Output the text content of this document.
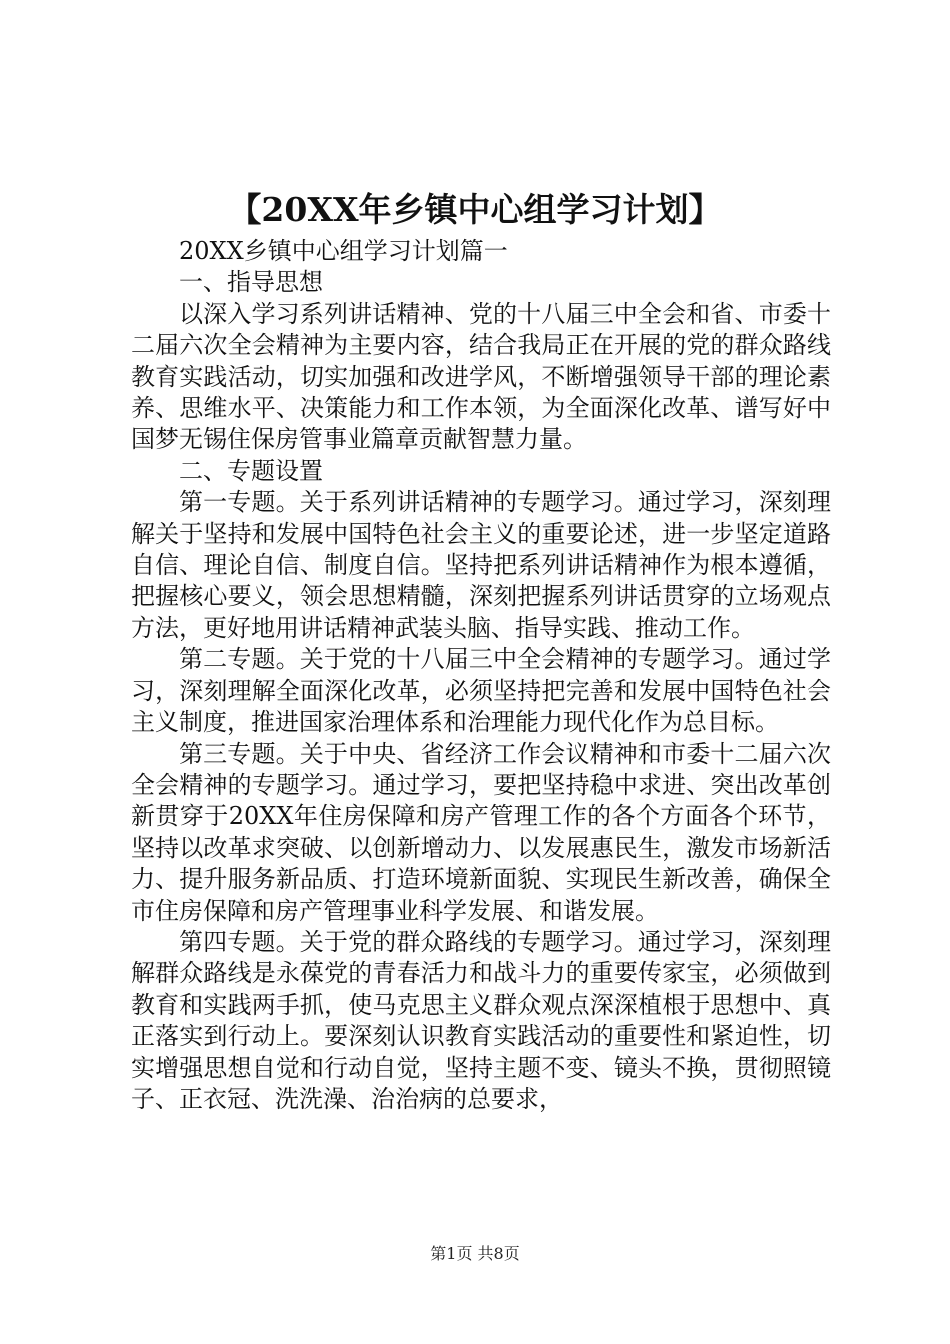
【20XX年乡镇中心组学习计划】

20XX乡镇中心组学习计划篇一

一、指导思想

以深入学习系列讲话精神、党的十八届三中全会和省、市委十二届六次全会精神为主要内容，结合我局正在开展的党的群众路线教育实践活动，切实加强和改进学风，不断增强领导干部的理论素养、思维水平、决策能力和工作本领，为全面深化改革、谱写好中国梦无锡住保房管事业篇章贡献智慧力量。

二、专题设置

第一专题。关于系列讲话精神的专题学习。通过学习，深刻理解关于坚持和发展中国特色社会主义的重要论述，进一步坚定道路自信、理论自信、制度自信。坚持把系列讲话精神作为根本遵循，把握核心要义，领会思想精髓，深刻把握系列讲话贯穿的立场观点方法，更好地用讲话精神武装头脑、指导实践、推动工作。

第二专题。关于党的十八届三中全会精神的专题学习。通过学习，深刻理解全面深化改革，必须坚持把完善和发展中国特色社会主义制度，推进国家治理体系和治理能力现代化作为总目标。

第三专题。关于中央、省经济工作会议精神和市委十二届六次全会精神的专题学习。通过学习，要把坚持稳中求进、突出改革创新贯穿于20XX年住房保障和房产管理工作的各个方面各个环节，坚持以改革求突破、以创新增动力、以发展惠民生，激发市场新活力、提升服务新品质、打造环境新面貌、实现民生新改善，确保全市住房保障和房产管理事业科学发展、和谐发展。

第四专题。关于党的群众路线的专题学习。通过学习，深刻理解群众路线是永葆党的青春活力和战斗力的重要传家宝，必须做到教育和实践两手抓，使马克思主义群众观点深深植根于思想中、真正落实到行动上。要深刻认识教育实践活动的重要性和紧迫性，切实增强思想自觉和行动自觉，坚持主题不变、镜头不换，贯彻照镜子、正衣冠、洗洗澡、治治病的总要求，

第1页 共8页
